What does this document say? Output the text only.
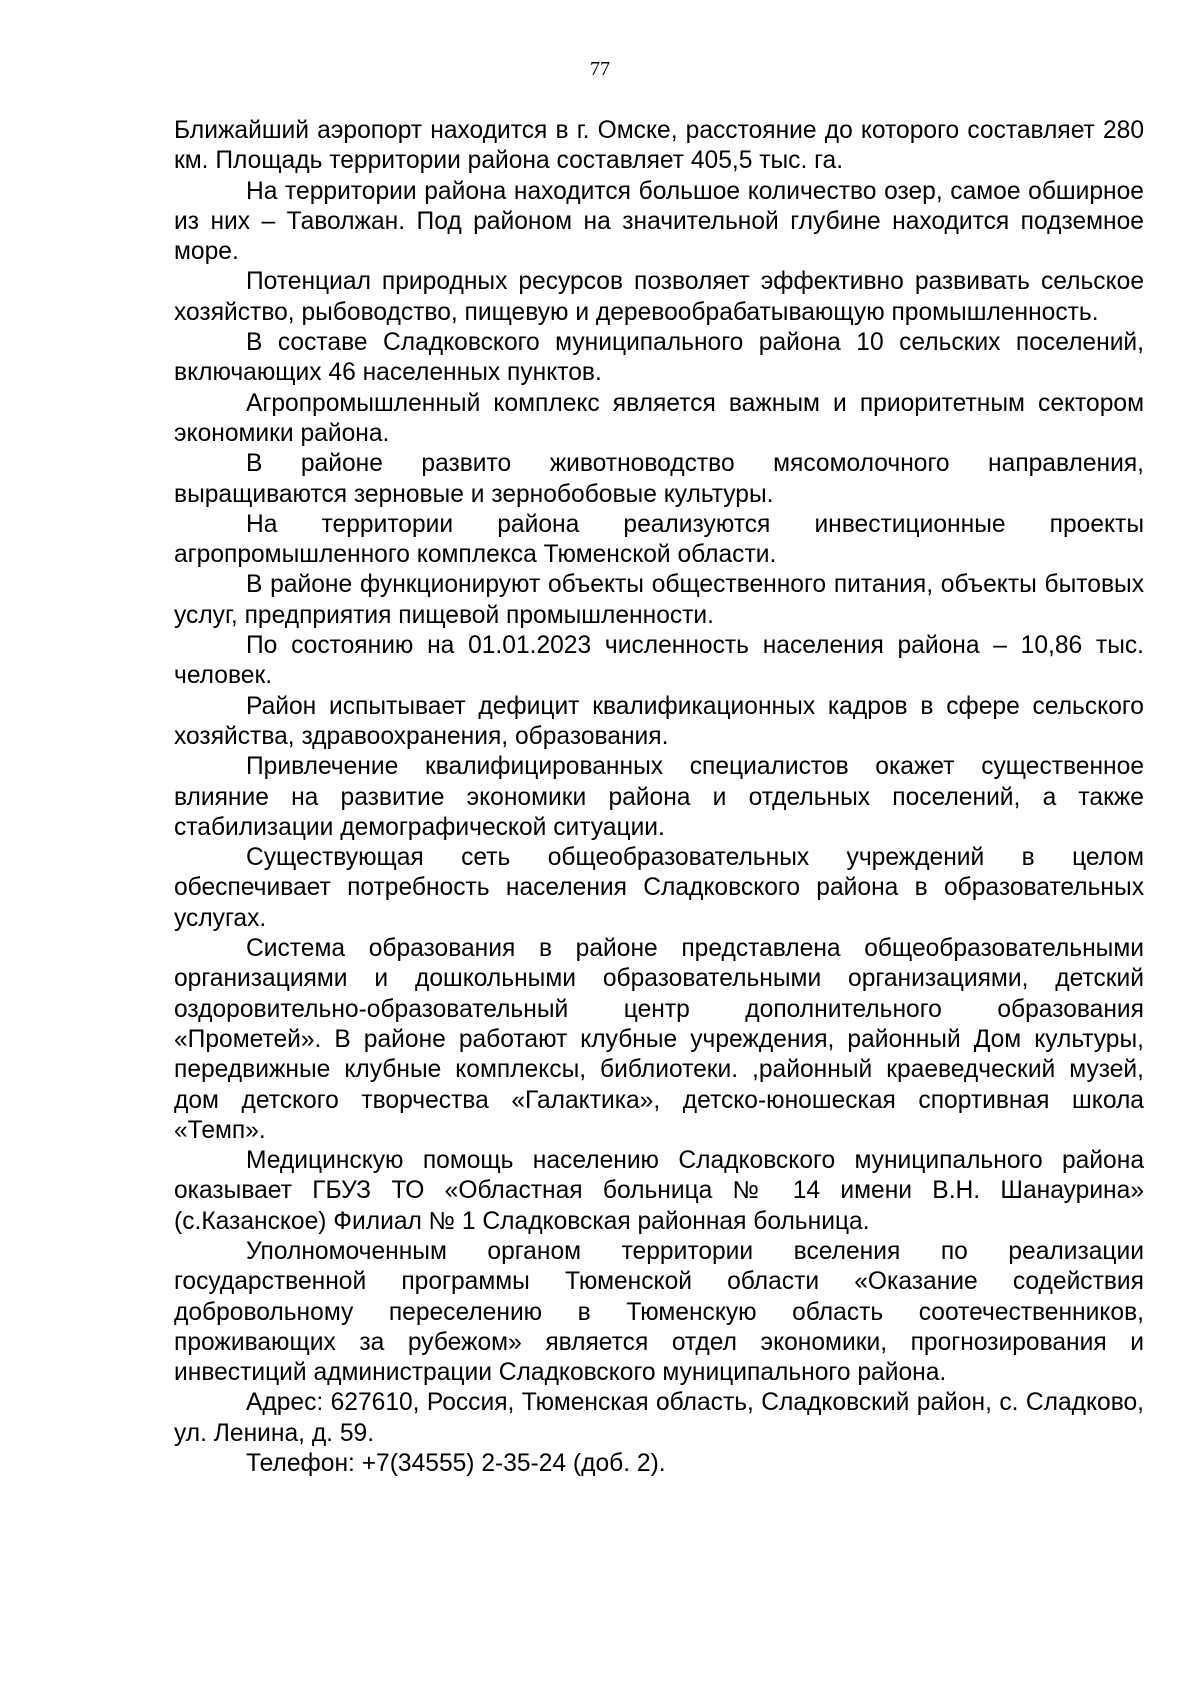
77

Ближайший аэропорт находится в г. Омске, расстояние до которого составляет 280 км. Площадь территории района составляет 405,5 тыс. га.

На территории района находится большое количество озер, самое обширное из них – Таволжан. Под районом на значительной глубине находится подземное море.

Потенциал природных ресурсов позволяет эффективно развивать сельское хозяйство, рыбоводство, пищевую и деревообрабатывающую промышленность.

В составе Сладковского муниципального района 10 сельских поселений, включающих 46 населенных пунктов.

Агропромышленный комплекс является важным и приоритетным сектором экономики района.

В районе развито животноводство мясомолочного направления, выращиваются зерновые и зернобобовые культуры.

На территории района реализуются инвестиционные проекты агропромышленного комплекса Тюменской области.

В районе функционируют объекты общественного питания, объекты бытовых услуг, предприятия пищевой промышленности.

По состоянию на 01.01.2023 численность населения района – 10,86 тыс. человек.

Район испытывает дефицит квалификационных кадров в сфере сельского хозяйства, здравоохранения, образования.

Привлечение квалифицированных специалистов окажет существенное влияние на развитие экономики района и отдельных поселений, а также стабилизации демографической ситуации.

Существующая сеть общеобразовательных учреждений в целом обеспечивает потребность населения Сладковского района в образовательных услугах.

Система образования в районе представлена общеобразовательными организациями и дошкольными образовательными организациями, детский оздоровительно-образовательный центр дополнительного образования «Прометей». В районе работают клубные учреждения, районный Дом культуры, передвижные клубные комплексы, библиотеки. ,районный краеведческий музей, дом детского творчества «Галактика», детско-юношеская спортивная школа «Темп».

Медицинскую помощь населению Сладковского муниципального района оказывает ГБУЗ ТО «Областная больница № 14 имени В.Н. Шанаурина» (с.Казанское) Филиал № 1 Сладковская районная больница.

Уполномоченным органом территории вселения по реализации государственной программы Тюменской области «Оказание содействия добровольному переселению в Тюменскую область соотечественников, проживающих за рубежом» является отдел экономики, прогнозирования и инвестиций администрации Сладковского муниципального района.

Адрес: 627610, Россия, Тюменская область, Сладковский район, с. Сладково, ул. Ленина, д. 59.

Телефон: +7(34555) 2-35-24 (доб. 2).
